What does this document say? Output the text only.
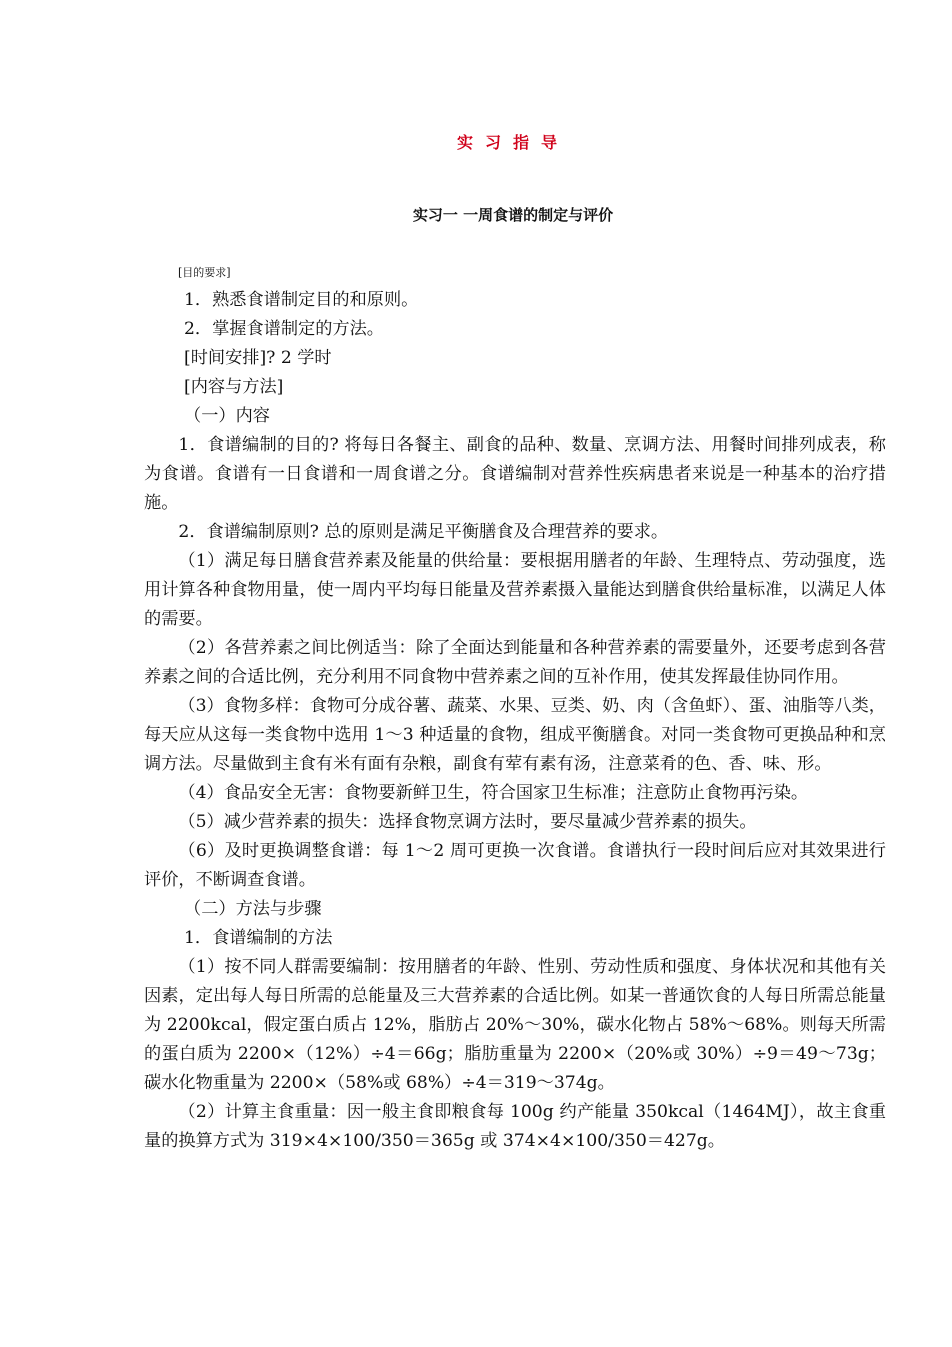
实习指导
实习一 一周食谱的制定与评价

[目的要求]

1．熟悉食谱制定目的和原则。

2．掌握食谱制定的方法。

[时间安排]? 2 学时

[内容与方法]

（一）内容

1．食谱编制的目的? 将每日各餐主、副食的品种、数量、烹调方法、用餐时间排列成表，称为食谱。食谱有一日食谱和一周食谱之分。食谱编制对营养性疾病患者来说是一种基本的治疗措施。

2．食谱编制原则? 总的原则是满足平衡膳食及合理营养的要求。

（1）满足每日膳食营养素及能量的供给量：要根据用膳者的年龄、生理特点、劳动强度，选用计算各种食物用量，使一周内平均每日能量及营养素摄入量能达到膳食供给量标准，以满足人体的需要。

（2）各营养素之间比例适当：除了全面达到能量和各种营养素的需要量外，还要考虑到各营养素之间的合适比例，充分利用不同食物中营养素之间的互补作用，使其发挥最佳协同作用。

（3）食物多样：食物可分成谷薯、蔬菜、水果、豆类、奶、肉（含鱼虾）、蛋、油脂等八类，每天应从这每一类食物中选用 1～3 种适量的食物，组成平衡膳食。对同一类食物可更换品种和烹调方法。尽量做到主食有米有面有杂粮，副食有荤有素有汤，注意菜肴的色、香、味、形。

（4）食品安全无害：食物要新鲜卫生，符合国家卫生标准；注意防止食物再污染。

（5）减少营养素的损失：选择食物烹调方法时，要尽量减少营养素的损失。

（6）及时更换调整食谱：每 1～2 周可更换一次食谱。食谱执行一段时间后应对其效果进行评价，不断调查食谱。

（二）方法与步骤

1．食谱编制的方法

（1）按不同人群需要编制：按用膳者的年龄、性别、劳动性质和强度、身体状况和其他有关因素，定出每人每日所需的总能量及三大营养素的合适比例。如某一普通饮食的人每日所需总能量为 2200kcal，假定蛋白质占 12%，脂肪占 20%～30%，碳水化物占 58%～68%。则每天所需的蛋白质为 2200×（12%）÷4＝66g；脂肪重量为 2200×（20%或 30%）÷9＝49～73g；碳水化物重量为 2200×（58%或 68%）÷4＝319～374g。

（2）计算主食重量：因一般主食即粮食每 100g 约产能量 350kcal（1464MJ），故主食重量的换算方式为 319×4×100/350＝365g 或 374×4×100/350＝427g。
